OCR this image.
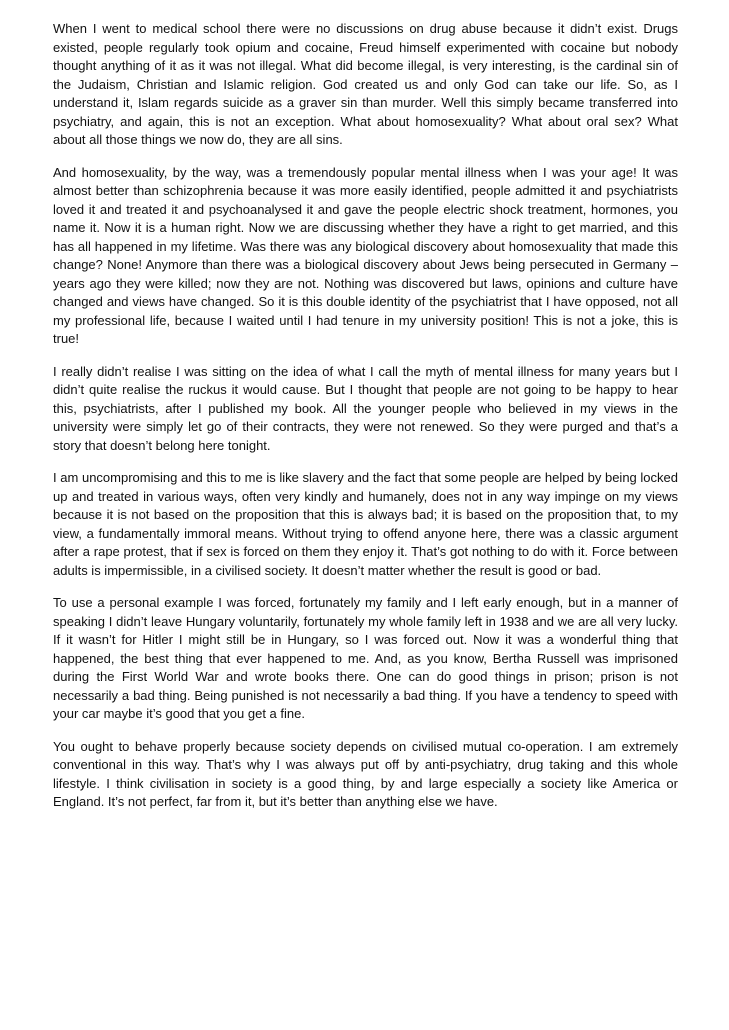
When I went to medical school there were no discussions on drug abuse because it didn’t exist. Drugs existed, people regularly took opium and cocaine, Freud himself experimented with cocaine but nobody thought anything of it as it was not illegal. What did become illegal, is very interesting, is the cardinal sin of the Judaism, Christian and Islamic religion. God created us and only God can take our life. So, as I understand it, Islam regards suicide as a graver sin than murder. Well this simply became transferred into psychiatry, and again, this is not an exception. What about homosexuality? What about oral sex? What about all those things we now do, they are all sins.

And homosexuality, by the way, was a tremendously popular mental illness when I was your age! It was almost better than schizophrenia because it was more easily identified, people admitted it and psychiatrists loved it and treated it and psychoanalysed it and gave the people electric shock treatment, hormones, you name it. Now it is a human right. Now we are discussing whether they have a right to get married, and this has all happened in my lifetime. Was there was any biological discovery about homosexuality that made this change? None! Anymore than there was a biological discovery about Jews being persecuted in Germany – years ago they were killed; now they are not. Nothing was discovered but laws, opinions and culture have changed and views have changed. So it is this double identity of the psychiatrist that I have opposed, not all my professional life, because I waited until I had tenure in my university position! This is not a joke, this is true!

I really didn’t realise I was sitting on the idea of what I call the myth of mental illness for many years but I didn’t quite realise the ruckus it would cause. But I thought that people are not going to be happy to hear this, psychiatrists, after I published my book. All the younger people who believed in my views in the university were simply let go of their contracts, they were not renewed. So they were purged and that’s a story that doesn’t belong here tonight.

I am uncompromising and this to me is like slavery and the fact that some people are helped by being locked up and treated in various ways, often very kindly and humanely, does not in any way impinge on my views because it is not based on the proposition that this is always bad; it is based on the proposition that, to my view, a fundamentally immoral means. Without trying to offend anyone here, there was a classic argument after a rape protest, that if sex is forced on them they enjoy it. That’s got nothing to do with it. Force between adults is impermissible, in a civilised society. It doesn’t matter whether the result is good or bad.

To use a personal example I was forced, fortunately my family and I left early enough, but in a manner of speaking I didn’t leave Hungary voluntarily, fortunately my whole family left in 1938 and we are all very lucky. If it wasn’t for Hitler I might still be in Hungary, so I was forced out. Now it was a wonderful thing that happened, the best thing that ever happened to me. And, as you know, Bertha Russell was imprisoned during the First World War and wrote books there. One can do good things in prison; prison is not necessarily a bad thing. Being punished is not necessarily a bad thing. If you have a tendency to speed with your car maybe it’s good that you get a fine.

You ought to behave properly because society depends on civilised mutual co-operation. I am extremely conventional in this way. That’s why I was always put off by anti-psychiatry, drug taking and this whole lifestyle. I think civilisation in society is a good thing, by and large especially a society like America or England. It’s not perfect, far from it, but it’s better than anything else we have.
